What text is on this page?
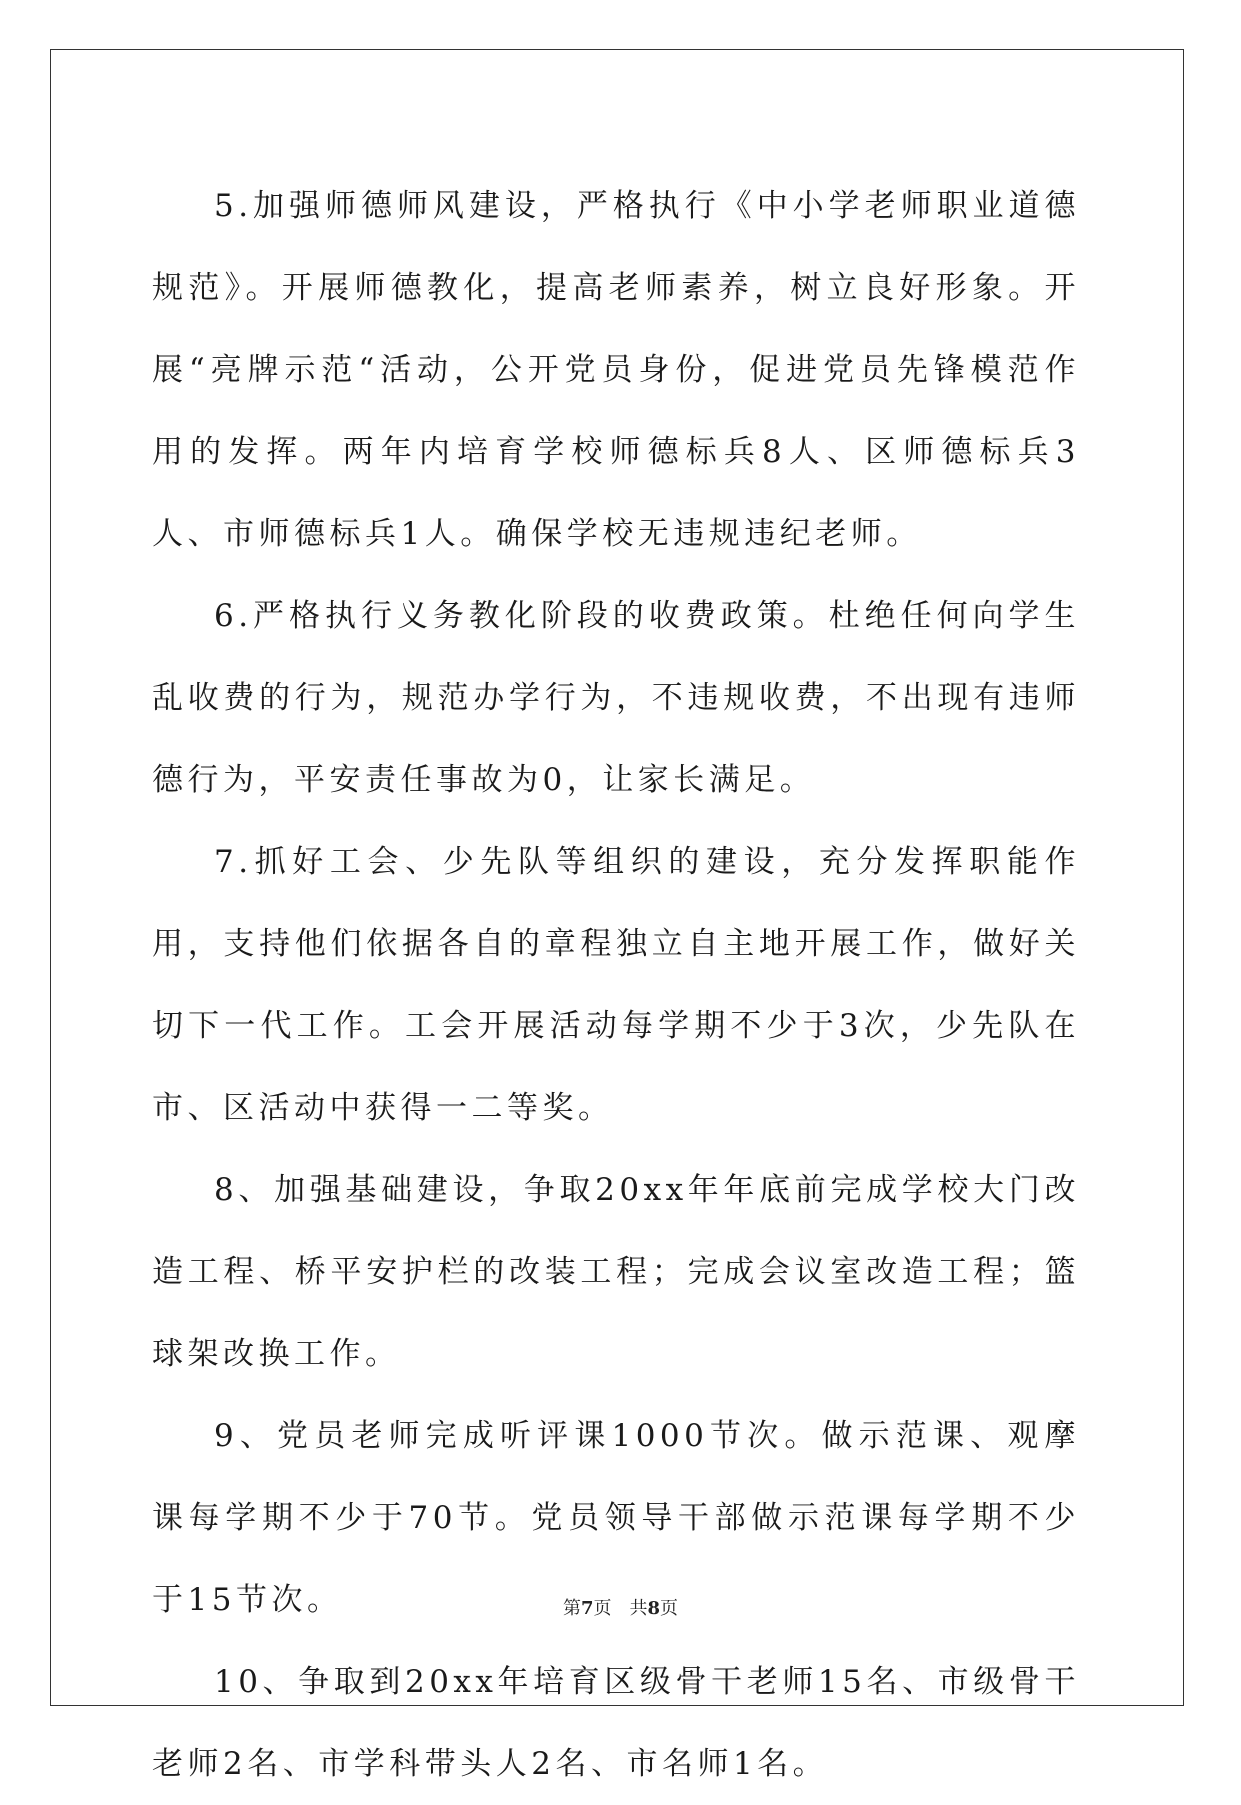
5.加强师德师风建设，严格执行《中小学老师职业道德规范》。开展师德教化，提高老师素养，树立良好形象。开展“亮牌示范“活动，公开党员身份，促进党员先锋模范作用的发挥。两年内培育学校师德标兵8人、区师德标兵3人、市师德标兵1人。确保学校无违规违纪老师。

6.严格执行义务教化阶段的收费政策。杜绝任何向学生乱收费的行为，规范办学行为，不违规收费，不出现有违师德行为，平安责任事故为0，让家长满足。

7.抓好工会、少先队等组织的建设，充分发挥职能作用，支持他们依据各自的章程独立自主地开展工作，做好关切下一代工作。工会开展活动每学期不少于3次，少先队在市、区活动中获得一二等奖。

8、加强基础建设，争取20xx年年底前完成学校大门改造工程、桥平安护栏的改装工程；完成会议室改造工程；篮球架改换工作。

9、党员老师完成听评课1000节次。做示范课、观摩课每学期不少于70节。党员领导干部做示范课每学期不少于15节次。

10、争取到20xx年培育区级骨干老师15名、市级骨干老师2名、市学科带头人2名、市名师1名。

第7页 共8页
